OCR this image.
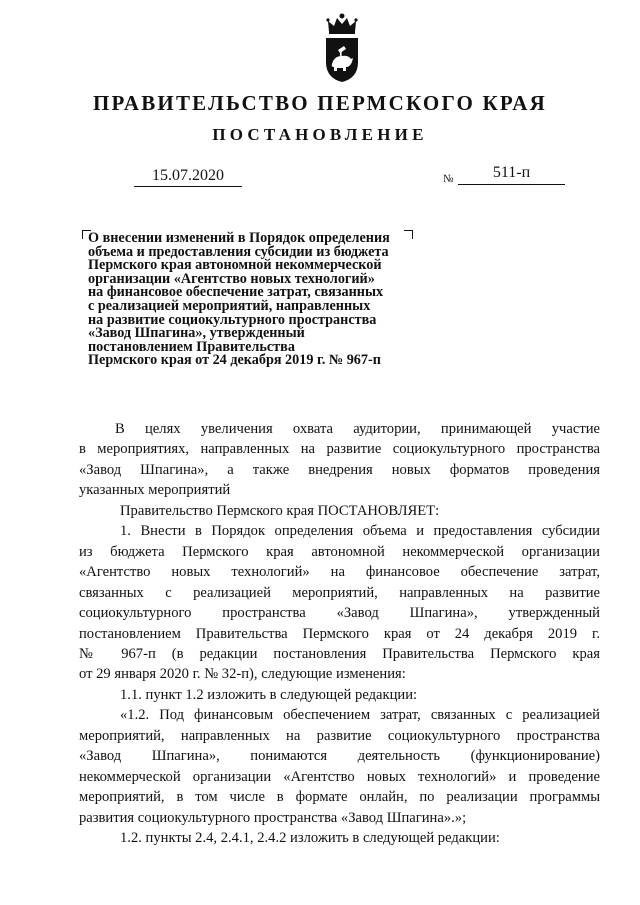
ПРАВИТЕЛЬСТВО ПЕРМСКОГО КРАЯ
ПОСТАНОВЛЕНИЕ
15.07.2020	№	511-п
О внесении изменений в Порядок определения
объема и предоставления субсидии из бюджета
Пермского края автономной некоммерческой
организации «Агентство новых технологий»
на финансовое обеспечение затрат, связанных
с реализацией мероприятий, направленных
на развитие социокультурного пространства
«Завод Шпагина», утвержденный
постановлением Правительства
Пермского края от 24 декабря 2019 г. № 967-п
В целях увеличения охвата аудитории, принимающей участие
в мероприятиях, направленных на развитие социокультурного пространства
«Завод Шпагина», а также внедрения новых форматов проведения
указанных мероприятий
Правительство Пермского края ПОСТАНОВЛЯЕТ:
1. Внести в Порядок определения объема и предоставления субсидии
из бюджета Пермского края автономной некоммерческой организации
«Агентство новых технологий» на финансовое обеспечение затрат,
связанных с реализацией мероприятий, направленных на развитие
социокультурного пространства «Завод Шпагина», утвержденный
постановлением Правительства Пермского края от 24 декабря 2019 г.
№ 967-п (в редакции постановления Правительства Пермского края
от 29 января 2020 г. № 32-п), следующие изменения:
1.1. пункт 1.2 изложить в следующей редакции:
«1.2. Под финансовым обеспечением затрат, связанных с реализацией
мероприятий, направленных на развитие социокультурного пространства
«Завод Шпагина», понимаются деятельность (функционирование)
некоммерческой организации «Агентство новых технологий» и проведение
мероприятий, в том числе в формате онлайн, по реализации программы
развития социокультурного пространства «Завод Шпагина».»;
1.2. пункты 2.4, 2.4.1, 2.4.2 изложить в следующей редакции:
